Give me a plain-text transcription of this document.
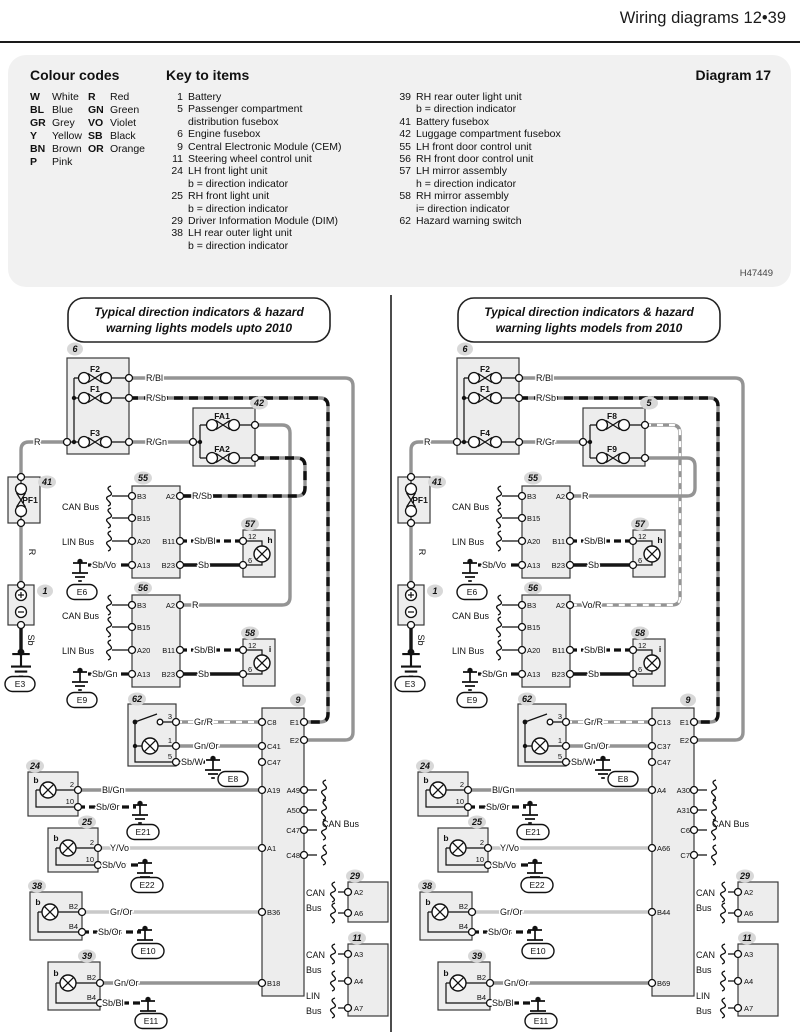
Wiring diagrams 12•39
Colour codes	Key to items	Diagram 17
H47449
W White R Red
BL Blue GN Green
GR Grey VO Violet
Y Yellow SB Black
BN Brown OR Orange
P Pink
1 Battery
5 Passenger compartment
distribution fusebox
6 Engine fusebox
9 Central Electronic Module (CEM)
11 Steering wheel control unit
24 LH front light unit
b = direction indicator
25 RH front light unit
b = direction indicator
29 Driver Information Module (DIM)
38 LH rear outer light unit
b = direction indicator
39 RH rear outer light unit
b = direction indicator
41 Battery fusebox
42 Luggage compartment fusebox
55 LH front door control unit
56 RH front door control unit
57 LH mirror assembly
h = direction indicator
58 RH mirror assembly
i= direction indicator
62 Hazard warning switch
Typical direction indicators & hazard
warning lights models upto 2010
F2
F1
F3
6
R
R/Bl
R/Sb
R/Gn
FA1
FA2
42
PF1
41
R
1
Sb
E3
B3
B15
A20
A13
A2
B11
B23
55
CAN Bus
LIN Bus
R/Sb
Sb/Bl
Sb
Sb/Vo
E6
12 h
6
57
B3
B15
A20
A13
A2
B11
B23
56
CAN Bus
LIN Bus
R
Sb/Bl
Sb
Sb/Gn
E9
12 i
6
58
3
1
5
62
Gr/R
Gn/Or
Sb/W
E8
C8
C41
C47
A19
A1
B36
B18
E1
E2
A49
A50
C47
C48
9
CAN Bus
b	2
10
24
Bl/Gn
Sb/Or
E21
b	2
10
25
Y/Vo
Sb/Vo
E22
b	B2
B4
38
Gr/Or
Sb/Or
E10
b	B2
B4
39
Gn/Or
Sb/Bl
E11
A2
A6
29
CAN
Bus
A3
A4
A7
11
CAN
Bus
LIN
Bus
Typical direction indicators & hazard
warning lights models from 2010
F2
F1
F4
6
R
R/Bl
R/Sb
R/Gr
F8
F9
5
PF1
41
R
1
Sb
E3
B3
B15
A20
A13
A2
B11
B23
55
CAN Bus
LIN Bus
R
Sb/Bl
Sb
Sb/Vo
E6
12 h
6
57
B3
B15
A20
A13
A2
B11
B23
56
CAN Bus
LIN Bus
Vo/R
Sb/Bl
Sb
Sb/Gn
E9
12 i
6
58
3
1
5
62
Gr/R
Gn/Or
Sb/W
E8
C13
C37
C47
A4
A66
B44
B69
E1
E2
A30
A31
C6
C7
9
CAN Bus
b	2
10
24
Bl/Gn
Sb/Or
E21
b	2
10
25
Y/Vo
Sb/Vo
E22
b	B2
B4
38
Gr/Or
Sb/Or
E10
b	B2
B4
39
Gn/Or
Sb/Bl
E11
A2
A6
29
CAN
Bus
A3
A4
A7
11
CAN
Bus
LIN
Bus
